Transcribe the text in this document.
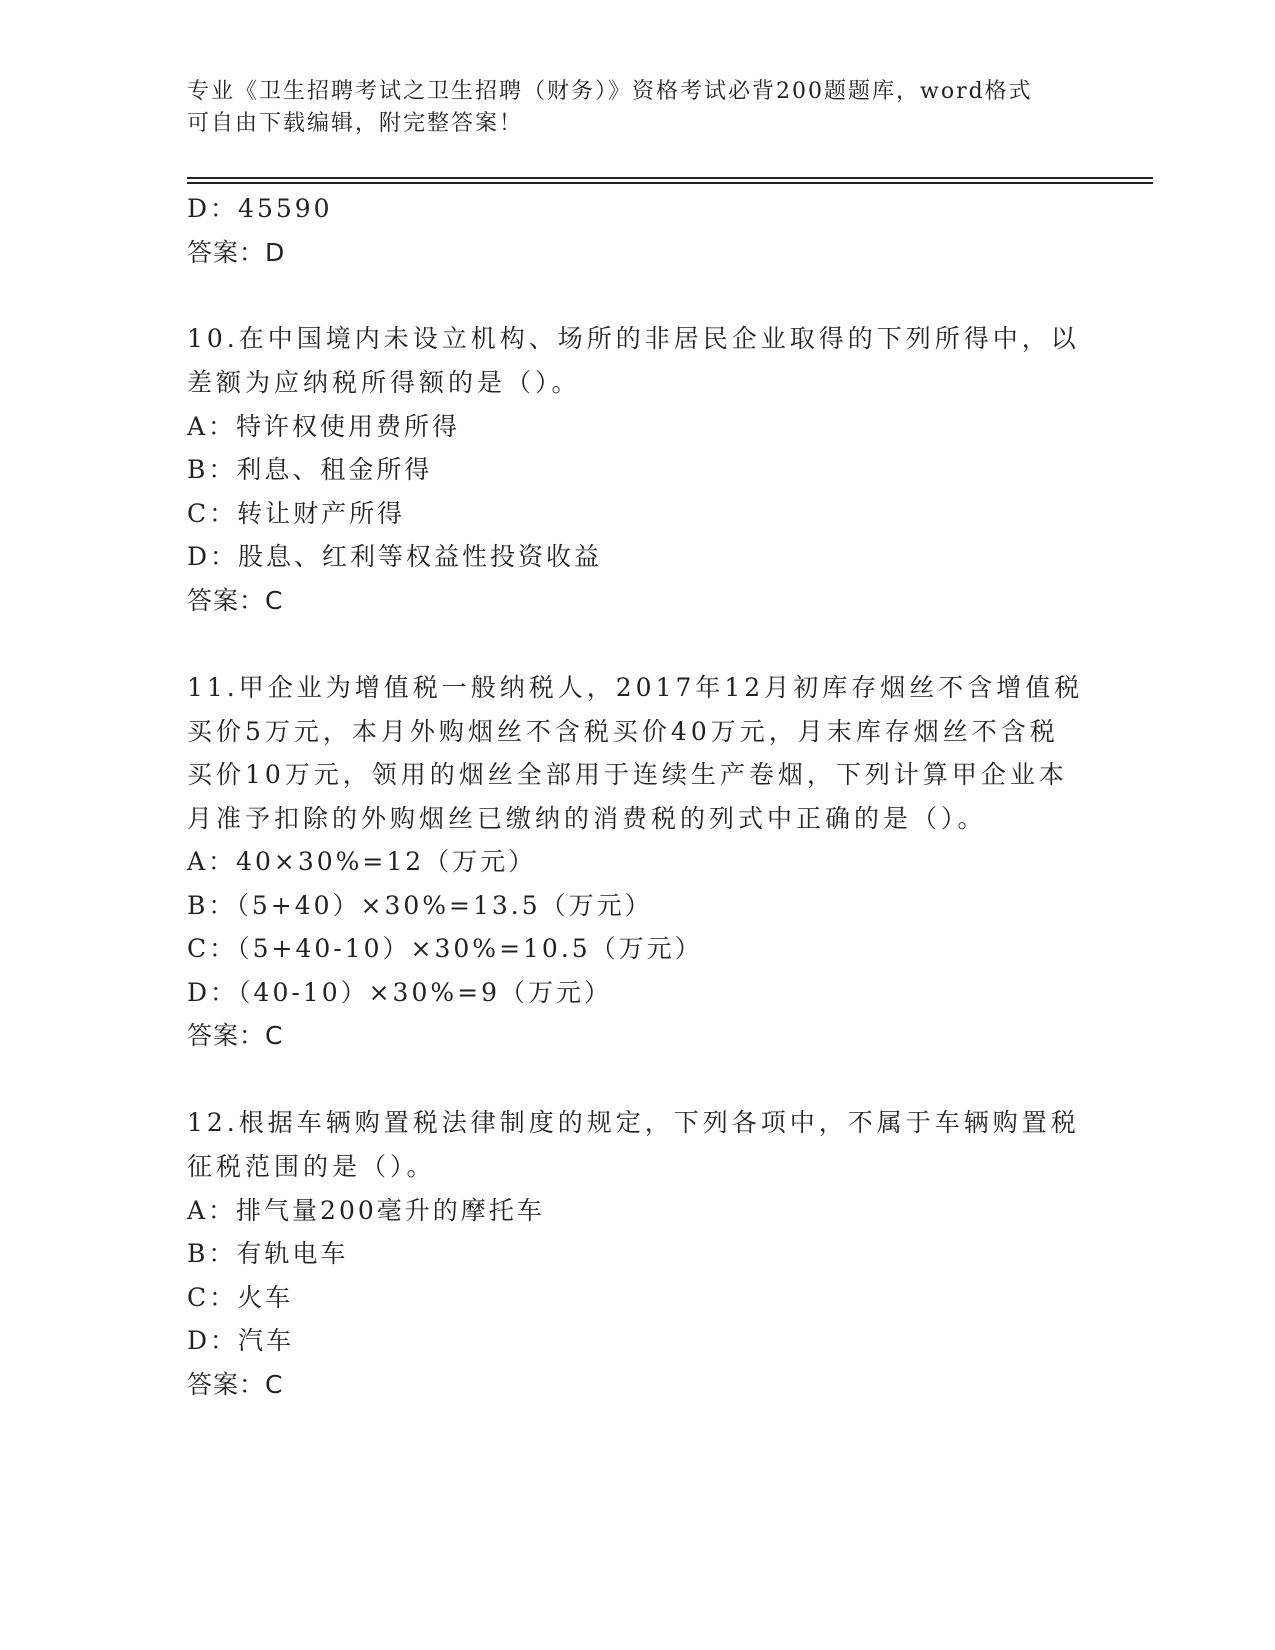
专业《卫生招聘考试之卫生招聘（财务）》资格考试必背200题题库，word格式
可自由下载编辑，附完整答案！
D：45590
答案：D
10.在中国境内未设立机构、场所的非居民企业取得的下列所得中，以
差额为应纳税所得额的是（）。
A：特许权使用费所得
B：利息、租金所得
C：转让财产所得
D：股息、红利等权益性投资收益
答案：C
11.甲企业为增值税一般纳税人，2017年12月初库存烟丝不含增值税
买价5万元，本月外购烟丝不含税买价40万元，月末库存烟丝不含税
买价10万元，领用的烟丝全部用于连续生产卷烟，下列计算甲企业本
月准予扣除的外购烟丝已缴纳的消费税的列式中正确的是（）。
A：40×30%=12（万元）
B：（5+40）×30%=13.5（万元）
C：（5+40-10）×30%=10.5（万元）
D：（40-10）×30%=9（万元）
答案：C
12.根据车辆购置税法律制度的规定，下列各项中，不属于车辆购置税
征税范围的是（）。
A：排气量200毫升的摩托车
B：有轨电车
C：火车
D：汽车
答案：C
